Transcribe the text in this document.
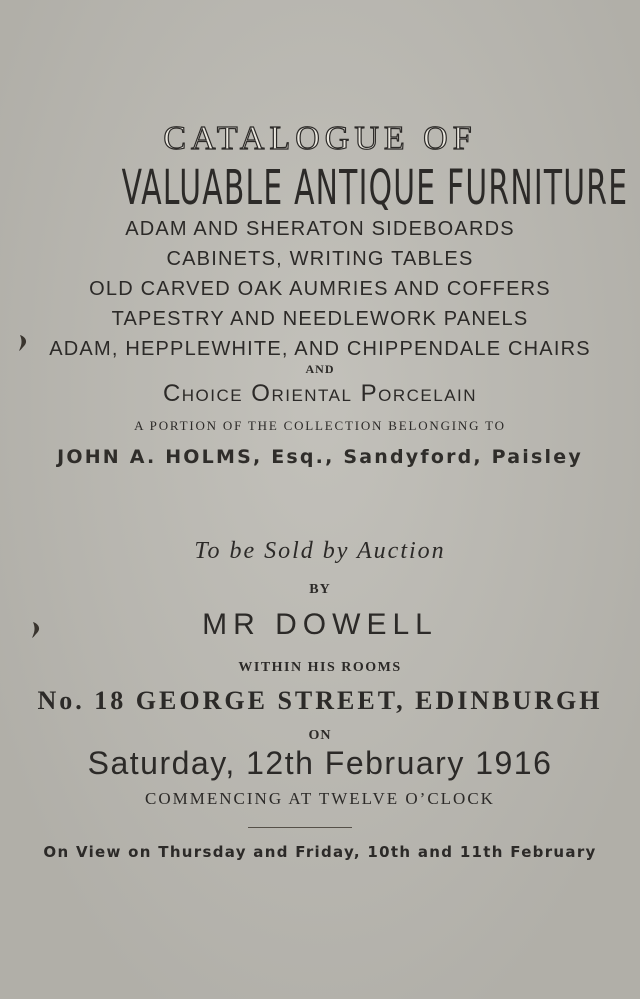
CATALOGUE OF
VALUABLE ANTIQUE FURNITURE
ADAM AND SHERATON SIDEBOARDS
CABINETS, WRITING TABLES
OLD CARVED OAK AUMRIES AND COFFERS
TAPESTRY AND NEEDLEWORK PANELS
ADAM, HEPPLEWHITE, AND CHIPPENDALE CHAIRS
AND
Choice Oriental Porcelain
A PORTION OF THE COLLECTION BELONGING TO
JOHN A. HOLMS, Esq., Sandyford, Paisley
To be Sold by Auction
BY
MR DOWELL
WITHIN HIS ROOMS
No. 18 GEORGE STREET, EDINBURGH
ON
Saturday, 12th February 1916
COMMENCING AT TWELVE O’CLOCK
On View on Thursday and Friday, 10th and 11th February
